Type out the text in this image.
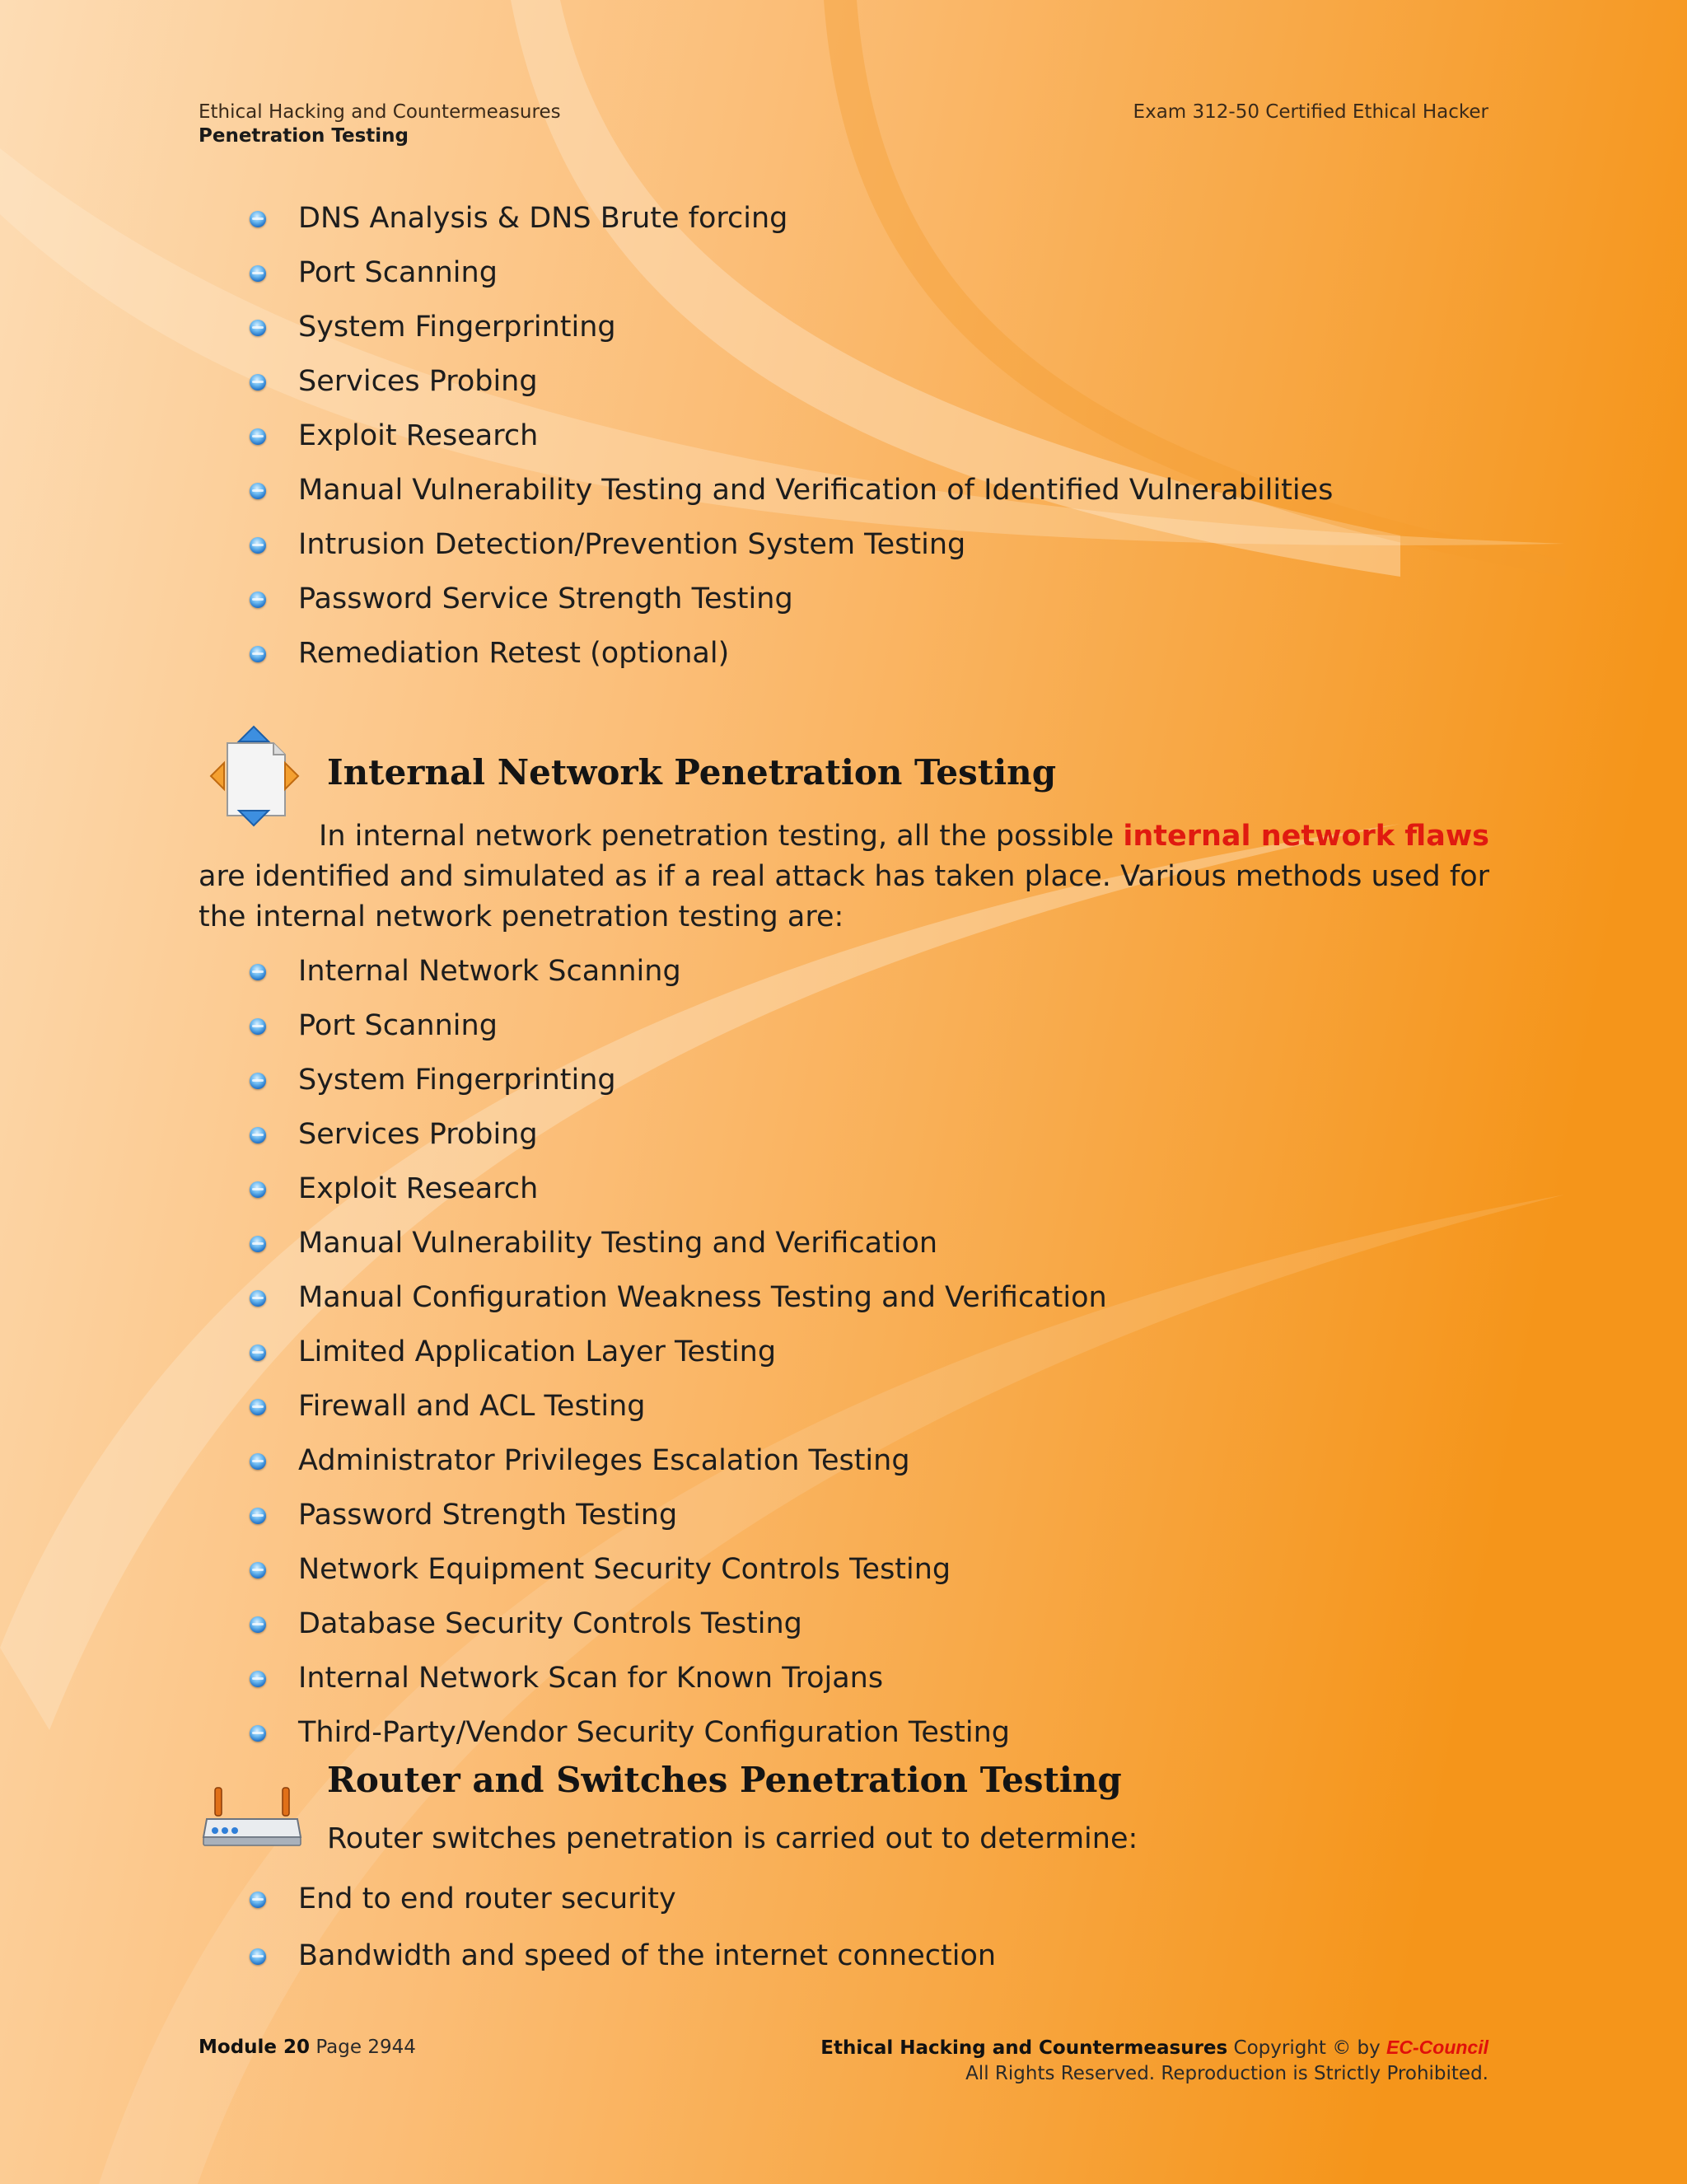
Ethical Hacking and Countermeasures
Penetration Testing
Exam 312-50 Certified Ethical Hacker
DNS Analysis & DNS Brute forcing
Port Scanning
System Fingerprinting
Services Probing
Exploit Research
Manual Vulnerability Testing and Verification of Identified Vulnerabilities
Intrusion Detection/Prevention System Testing
Password Service Strength Testing
Remediation Retest (optional)
Internal Network Penetration Testing
In internal network penetration testing, all the possible internal network flaws are identified and simulated as if a real attack has taken place. Various methods used for the internal network penetration testing are:
Internal Network Scanning
Port Scanning
System Fingerprinting
Services Probing
Exploit Research
Manual Vulnerability Testing and Verification
Manual Configuration Weakness Testing and Verification
Limited Application Layer Testing
Firewall and ACL Testing
Administrator Privileges Escalation Testing
Password Strength Testing
Network Equipment Security Controls Testing
Database Security Controls Testing
Internal Network Scan for Known Trojans
Third-Party/Vendor Security Configuration Testing
Router and Switches Penetration Testing
Router switches penetration is carried out to determine:
End to end router security
Bandwidth and speed of the internet connection
Module 20 Page 2944	Ethical Hacking and Countermeasures Copyright © by EC-Council
All Rights Reserved. Reproduction is Strictly Prohibited.
